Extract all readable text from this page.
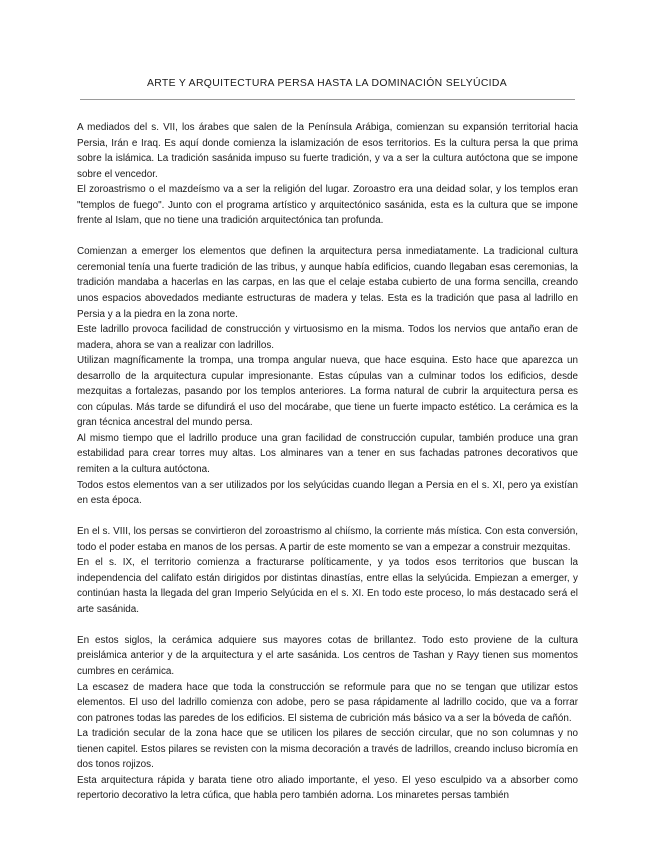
ARTE Y ARQUITECTURA PERSA HASTA LA DOMINACIÓN SELYÚCIDA

A mediados del s. VII, los árabes que salen de la Península Arábiga, comienzan su expansión territorial hacia Persia, Irán e Iraq. Es aquí donde comienza la islamización de esos territorios. Es la cultura persa la que prima sobre la islámica. La tradición sasánida impuso su fuerte tradición, y va a ser la cultura autóctona que se impone sobre el vencedor.

El zoroastrismo o el mazdeísmo va a ser la religión del lugar. Zoroastro era una deidad solar, y los templos eran "templos de fuego". Junto con el programa artístico y arquitectónico sasánida, esta es la cultura que se impone frente al Islam, que no tiene una tradición arquitectónica tan profunda.

Comienzan a emerger los elementos que definen la arquitectura persa inmediatamente. La tradicional cultura ceremonial tenía una fuerte tradición de las tribus, y aunque había edificios, cuando llegaban esas ceremonias, la tradición mandaba a hacerlas en las carpas, en las que el celaje estaba cubierto de una forma sencilla, creando unos espacios abovedados mediante estructuras de madera y telas. Esta es la tradición que pasa al ladrillo en Persia y a la piedra en la zona norte.

Este ladrillo provoca facilidad de construcción y virtuosismo en la misma. Todos los nervios que antaño eran de madera, ahora se van a realizar con ladrillos.

Utilizan magníficamente la trompa, una trompa angular nueva, que hace esquina. Esto hace que aparezca un desarrollo de la arquitectura cupular impresionante. Estas cúpulas van a culminar todos los edificios, desde mezquitas a fortalezas, pasando por los templos anteriores. La forma natural de cubrir la arquitectura persa es con cúpulas. Más tarde se difundirá el uso del mocárabe, que tiene un fuerte impacto estético. La cerámica es la gran técnica ancestral del mundo persa.

Al mismo tiempo que el ladrillo produce una gran facilidad de construcción cupular, también produce una gran estabilidad para crear torres muy altas. Los alminares van a tener en sus fachadas patrones decorativos que remiten a la cultura autóctona.

Todos estos elementos van a ser utilizados por los selyúcidas cuando llegan a Persia en el s. XI, pero ya existían en esta época.

En el s. VIII, los persas se convirtieron del zoroastrismo al chiísmo, la corriente más mística. Con esta conversión, todo el poder estaba en manos de los persas. A partir de este momento se van a empezar a construir mezquitas.

En el s. IX, el territorio comienza a fracturarse políticamente, y ya todos esos territorios que buscan la independencia del califato están dirigidos por distintas dinastías, entre ellas la selyúcida. Empiezan a emerger, y continúan hasta la llegada del gran Imperio Selyúcida en el s. XI. En todo este proceso, lo más destacado será el arte sasánida.

En estos siglos, la cerámica adquiere sus mayores cotas de brillantez. Todo esto proviene de la cultura preislámica anterior y de la arquitectura y el arte sasánida. Los centros de Tashan y Rayy tienen sus momentos cumbres en cerámica.

La escasez de madera hace que toda la construcción se reformule para que no se tengan que utilizar estos elementos. El uso del ladrillo comienza con adobe, pero se pasa rápidamente al ladrillo cocido, que va a forrar con patrones todas las paredes de los edificios. El sistema de cubrición más básico va a ser la bóveda de cañón.

La tradición secular de la zona hace que se utilicen los pilares de sección circular, que no son columnas y no tienen capitel. Estos pilares se revisten con la misma decoración a través de ladrillos, creando incluso bicromía en dos tonos rojizos.

Esta arquitectura rápida y barata tiene otro aliado importante, el yeso. El yeso esculpido va a absorber como repertorio decorativo la letra cúfica, que habla pero también adorna. Los minaretes persas también
